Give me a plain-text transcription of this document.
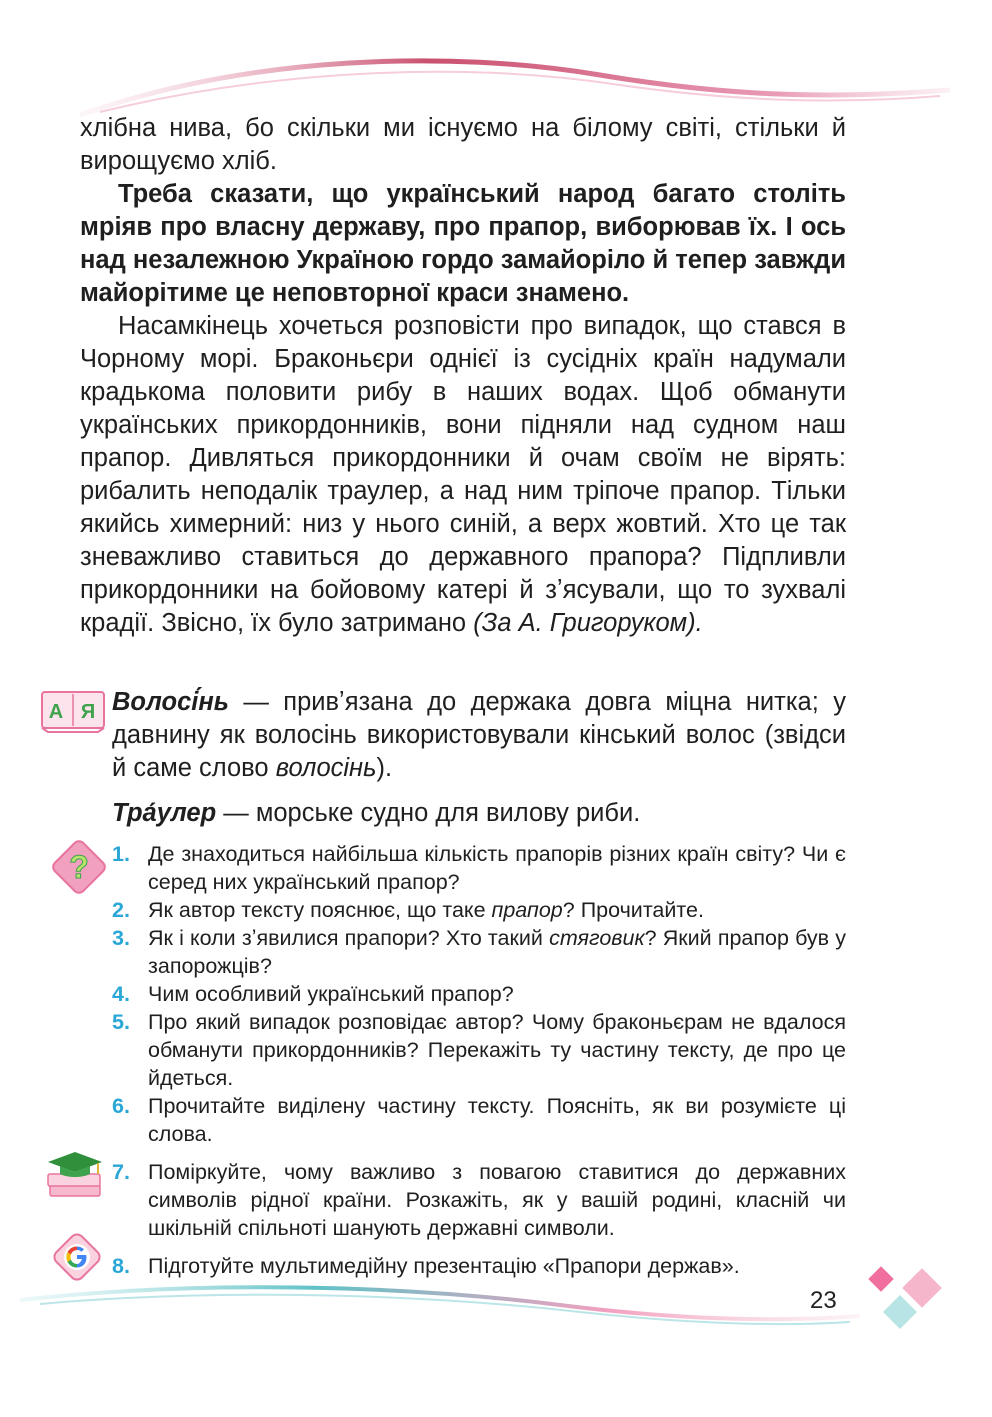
хлібна нива, бо скільки ми існуємо на білому світі, стільки й вирощуємо хліб.

Треба сказати, що український народ багато століть мріяв про власну державу, про прапор, виборював їх. І ось над незалежною Україною гордо замайоріло й тепер завжди майорітиме це неповторної краси знамено.

Насамкінець хочеться розповісти про випадок, що стався в Чорному морі. Браконьєри однієї із сусідніх країн надумали крадькома половити рибу в наших водах. Щоб обманути українських прикордонників, вони підняли над судном наш прапор. Дивляться прикордонники й очам своїм не вірять: рибалить неподалік траулер, а над ним тріпоче прапор. Тільки якийсь химерний: низ у нього синій, а верх жовтий. Хто це так зневажливо ставиться до державного прапора? Підпливли прикордонники на бойовому катері й зʼясували, що то зухвалі крадії. Звісно, їх було затримано (За А. Григоруком).

А Я Волосі́нь — привʼязана до держака довга міцна нитка; у давнину як волосінь використовували кінський волос (звідси й саме слово волосінь).

Тра́улер — морське судно для вилову риби.

? 1. Де знаходиться найбільша кількість прапорів різних країн світу? Чи є серед них український прапор?
2. Як автор тексту пояснює, що таке прапор? Прочитайте.
3. Як і коли зʼявилися прапори? Хто такий стяговик? Який прапор був у запорожців?
4. Чим особливий український прапор?
5. Про який випадок розповідає автор? Чому браконьєрам не вдалося обманути прикордонників? Перекажіть ту частину тексту, де про це йдеться.
6. Прочитайте виділену частину тексту. Поясніть, як ви розумієте ці слова.
7. Поміркуйте, чому важливо з повагою ставитися до державних символів рідної країни. Розкажіть, як у вашій родині, класній чи шкільній спільноті шанують державні символи.
8. Підготуйте мультимедійну презентацію «Прапори держав».
23
